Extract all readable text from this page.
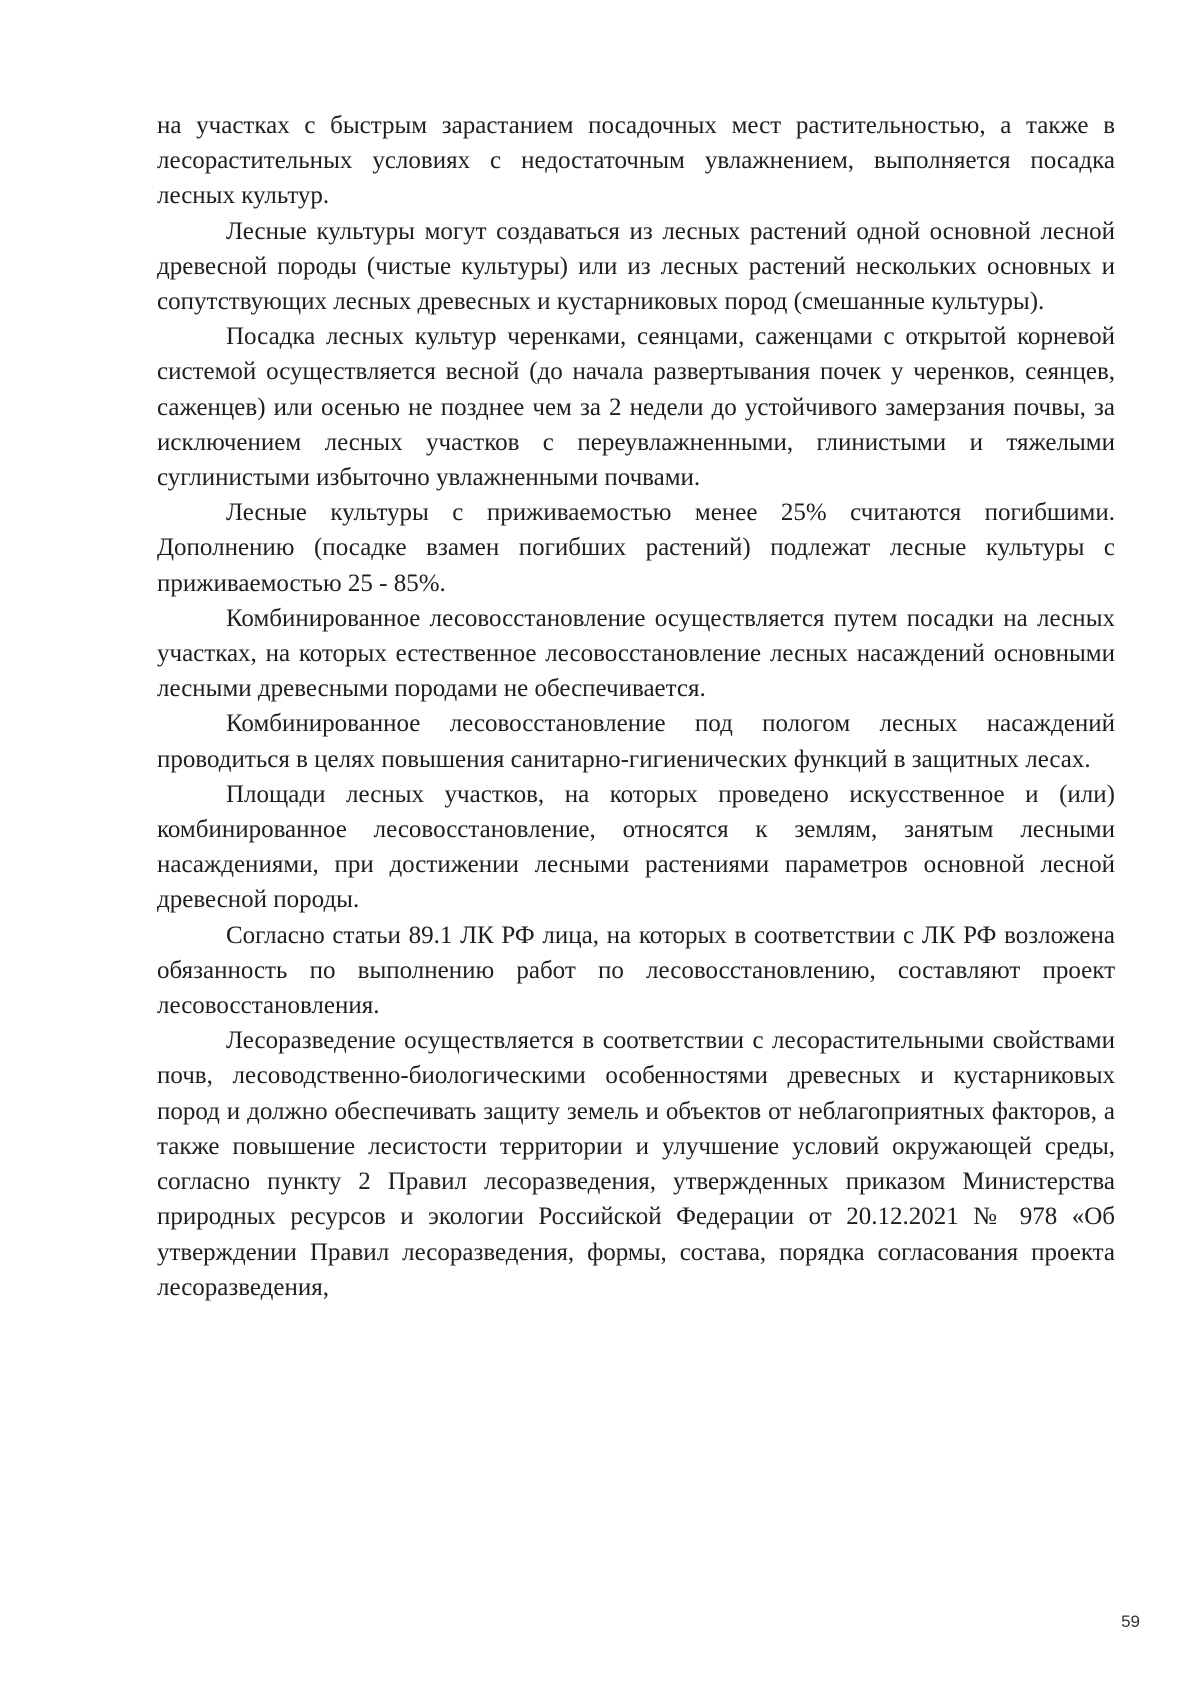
на участках с быстрым зарастанием посадочных мест растительностью, а также в лесорастительных условиях с недостаточным увлажнением, выполняется посадка лесных культур.

Лесные культуры могут создаваться из лесных растений одной основной лесной древесной породы (чистые культуры) или из лесных растений нескольких основных и сопутствующих лесных древесных и кустарниковых пород (смешанные культуры).

Посадка лесных культур черенками, сеянцами, саженцами с открытой корневой системой осуществляется весной (до начала развертывания почек у черенков, сеянцев, саженцев) или осенью не позднее чем за 2 недели до устойчивого замерзания почвы, за исключением лесных участков с переувлажненными, глинистыми и тяжелыми суглинистыми избыточно увлажненными почвами.

Лесные культуры с приживаемостью менее 25% считаются погибшими. Дополнению (посадке взамен погибших растений) подлежат лесные культуры с приживаемостью 25 - 85%.

Комбинированное лесовосстановление осуществляется путем посадки на лесных участках, на которых естественное лесовосстановление лесных насаждений основными лесными древесными породами не обеспечивается.

Комбинированное лесовосстановление под пологом лесных насаждений проводиться в целях повышения санитарно-гигиенических функций в защитных лесах.

Площади лесных участков, на которых проведено искусственное и (или) комбинированное лесовосстановление, относятся к землям, занятым лесными насаждениями, при достижении лесными растениями параметров основной лесной древесной породы.

Согласно статьи 89.1 ЛК РФ лица, на которых в соответствии с ЛК РФ возложена обязанность по выполнению работ по лесовосстановлению, составляют проект лесовосстановления.

Лесоразведение осуществляется в соответствии с лесорастительными свойствами почв, лесоводственно-биологическими особенностями древесных и кустарниковых пород и должно обеспечивать защиту земель и объектов от неблагоприятных факторов, а также повышение лесистости территории и улучшение условий окружающей среды, согласно пункту 2 Правил лесоразведения, утвержденных приказом Министерства природных ресурсов и экологии Российской Федерации от 20.12.2021 № 978 «Об утверждении Правил лесоразведения, формы, состава, порядка согласования проекта лесоразведения,

59
